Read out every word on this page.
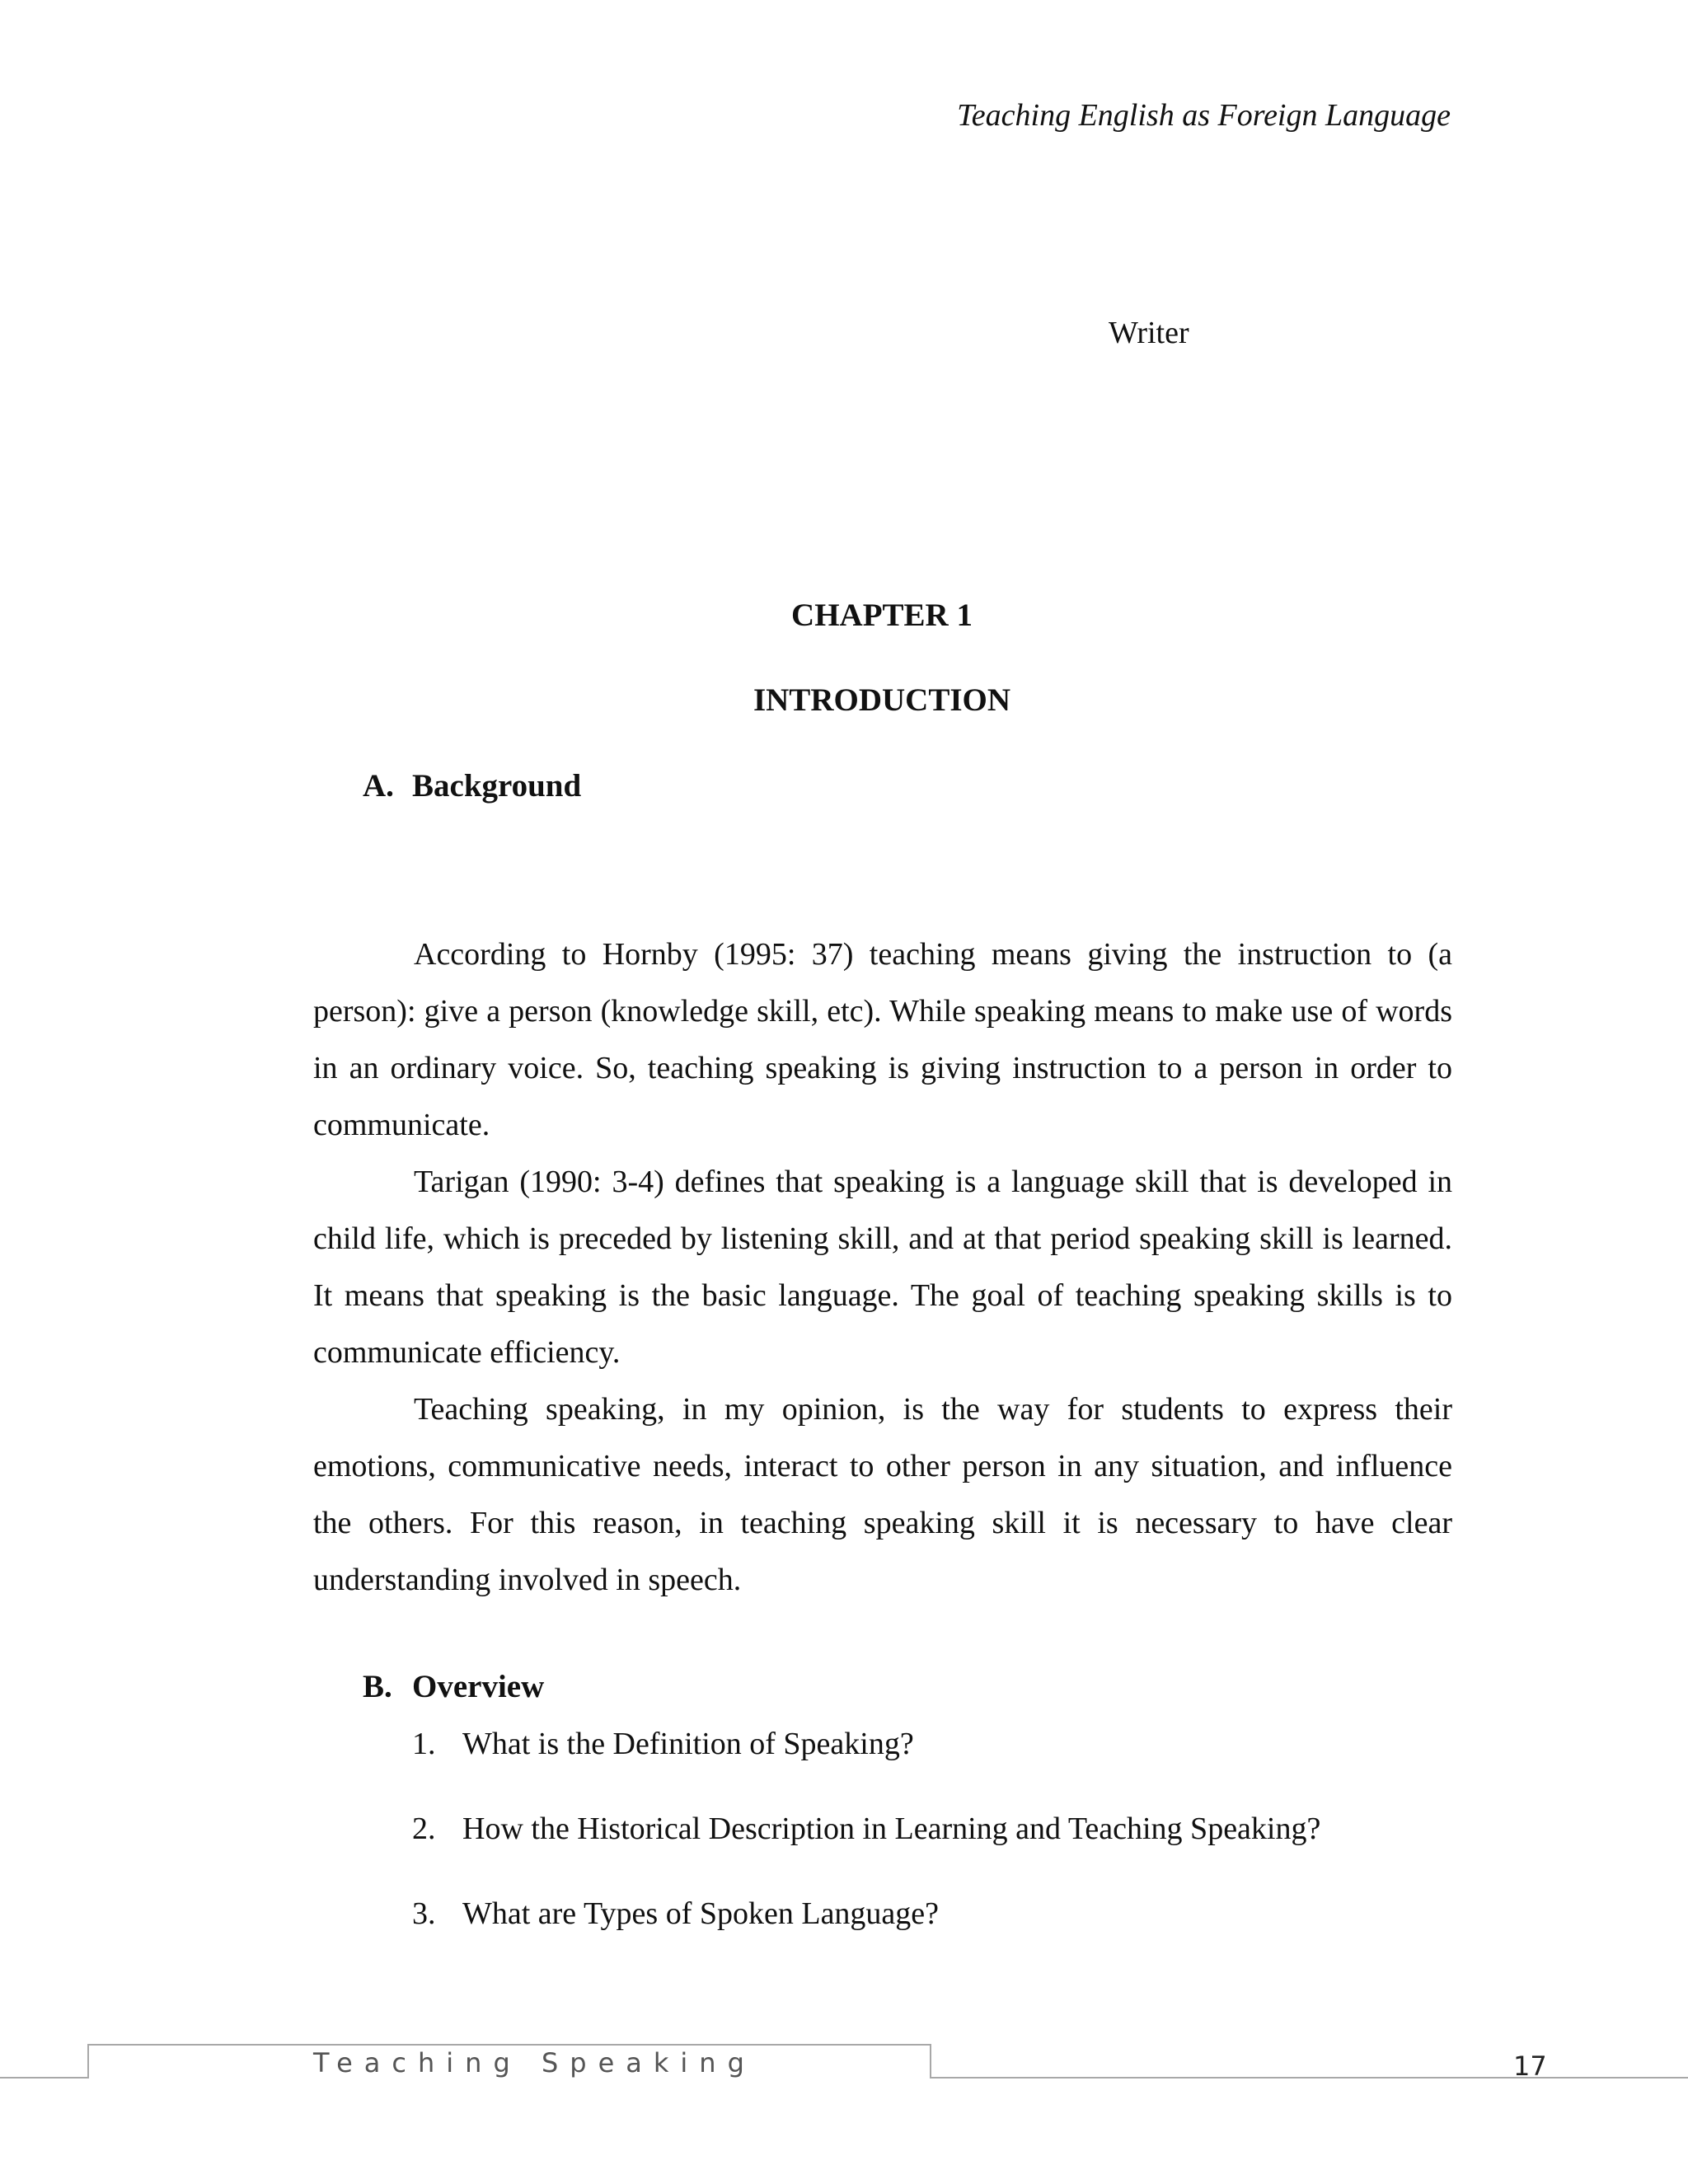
Teaching English as Foreign Language
Writer
CHAPTER 1
INTRODUCTION
A. Background

According to Hornby (1995: 37) teaching means giving the instruction to (a person): give a person (knowledge skill, etc). While speaking means to make use of words in an ordinary voice. So, teaching speaking is giving instruction to a person in order to communicate.

Tarigan (1990: 3-4) defines that speaking is a language skill that is developed in child life, which is preceded by listening skill, and at that period speaking skill is learned. It means that speaking is the basic language. The goal of teaching speaking skills is to communicate efficiency.

Teaching speaking, in my opinion, is the way for students to express their emotions, communicative needs, interact to other person in any situation, and influence the others. For this reason, in teaching speaking skill it is necessary to have clear understanding involved in speech.

B. Overview
1. What is the Definition of Speaking?
2. How the Historical Description in Learning and Teaching Speaking?
3. What are Types of Spoken Language?
Teaching Speaking	17
